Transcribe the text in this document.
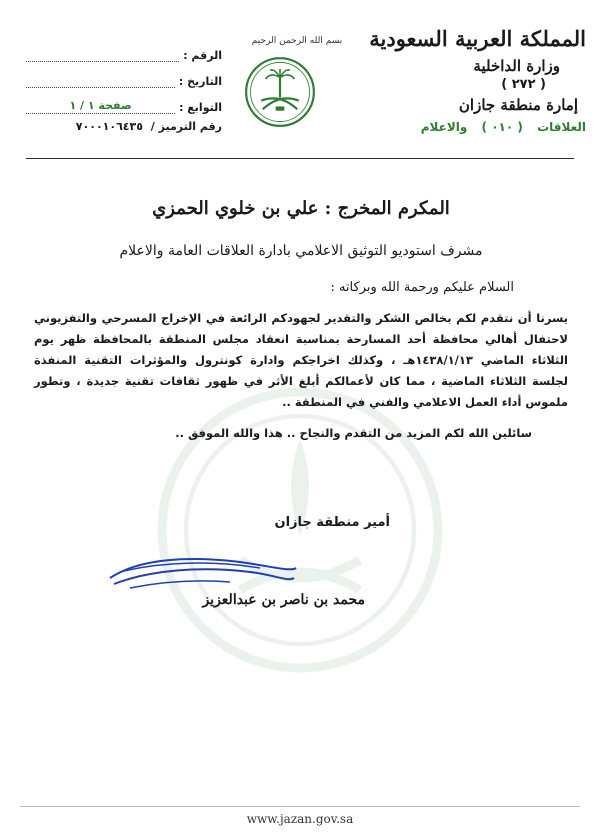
المملكة العربية السعودية
وزارة الداخلية
( ٢٧٢ )
إمارة منطقة جازان
العلاقات ( ٠١٠ ) والاعلام
بسم الله الرحمن الرحيم
الرقم :
التاريخ :
التوابع :
صفحة ١ / ١
رقم الترميز / ٧٠٠٠١٠٦٤٣٥
المكرم المخرج : علي بن خلوي الحمزي
مشرف استوديو التوثيق الاعلامي بادارة العلاقات العامة والاعلام
السلام عليكم ورحمة الله وبركاته :
يسرنا أن نتقدم لكم بخالص الشكر والتقدير لجهودكم الرائعة في الإخراج المسرحي والتفزيوني لاحتفال أهالي محافظة أحد المسارحة بمناسبة انعقاد مجلس المنطقة بالمحافظة ظهر يوم الثلاثاء الماضي ١٤٣٨/١/١٣هـ ، وكذلك اخراجكم وادارة كونترول والمؤثرات التقنية المنفذة لجلسة الثلاثاء الماضية ، مما كان لأعمالكم أبلغ الأثر في ظهور ثقافات تقنية جديدة ، وتطور ملموس أداء العمل الاعلامي والفني في المنطقة ..
سائلين الله لكم المزيد من التقدم والنجاح .. هذا والله الموفق ..
أمير منطقة جازان
محمد بن ناصر بن عبدالعزيز
www.jazan.gov.sa
